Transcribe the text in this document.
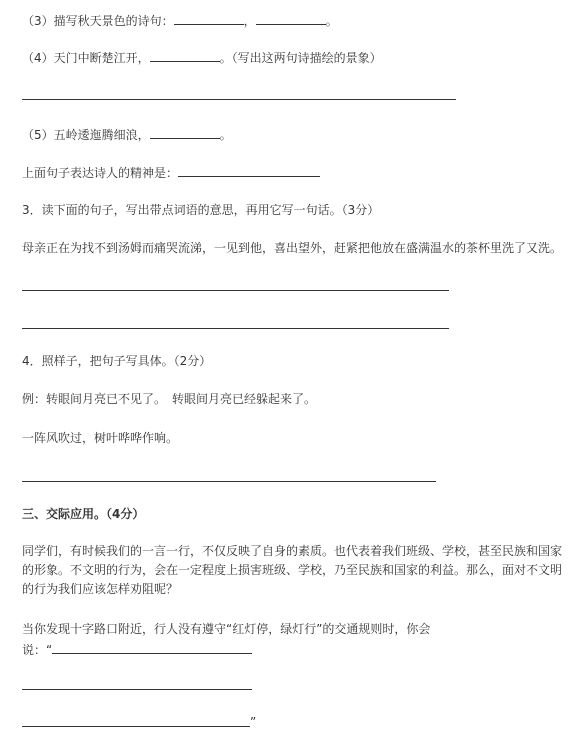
（3）描写秋天景色的诗句：	，	。
（4）天门中断楚江开，	。（写出这两句诗描绘的景象）
（5）五岭逶迤腾细浪，	。
上面句子表达诗人的精神是：
3．读下面的句子，写出带点词语的意思，再用它写一句话。（3分）
母亲正在为找不到汤姆而痛哭流涕，一见到他，喜出望外，赶紧把他放在盛满温水的茶杯里洗了又洗。
4．照样子，把句子写具体。（2分）
例：转眼间月亮已不见了。　转眼间月亮已经躲起来了。
一阵风吹过，树叶哗哗作响。
三、交际应用。（4分）
同学们，有时候我们的一言一行，不仅反映了自身的素质。也代表着我们班级、学校，甚至民族和国家的形象。不文明的行为，会在一定程度上损害班级、学校，乃至民族和国家的利益。那么，面对不文明的行为我们应该怎样劝阻呢？
当你发现十字路口附近，行人没有遵守“红灯停，绿灯行”的交通规则时，你会
说：“
”
